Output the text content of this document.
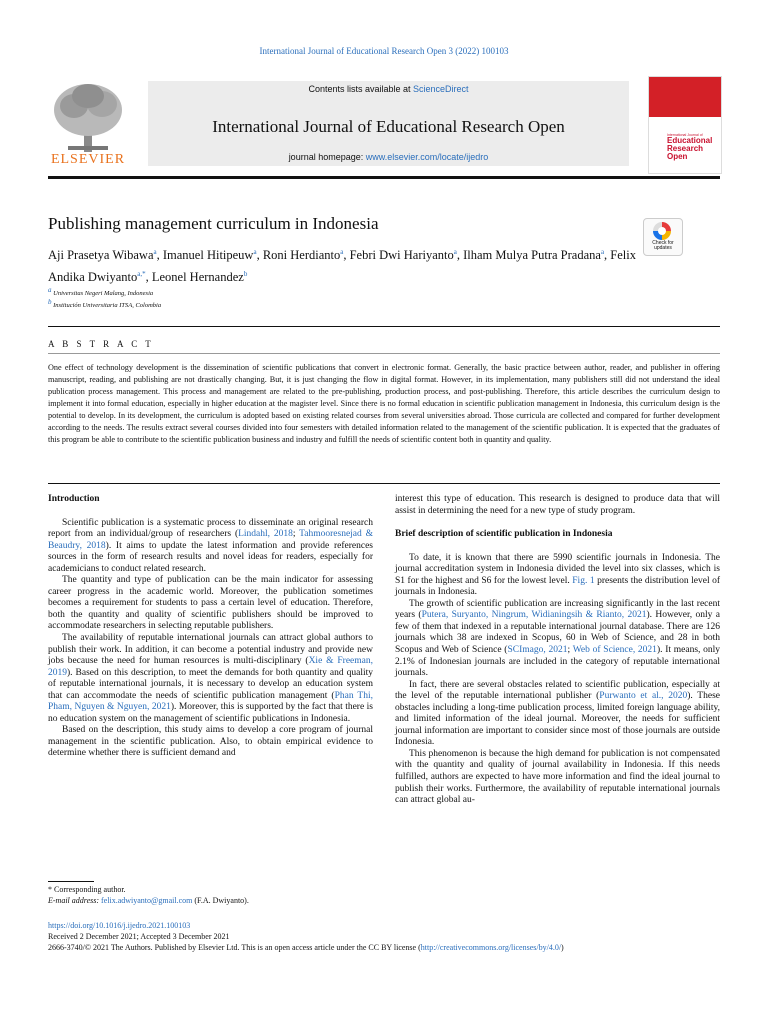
International Journal of Educational Research Open 3 (2022) 100103
ELSEVIER
Contents lists available at ScienceDirect
International Journal of Educational Research Open
journal homepage: www.elsevier.com/locate/ijedro
International Journal of
Educational
Research
Open
Publishing management curriculum in Indonesia
Check for updates
Aji Prasetya Wibawa$^a$, Imanuel Hitipeuw$^a$, Roni Herdianto$^a$, Febri Dwi Hariyanto$^a$, Ilham Mulya Putra Pradana$^a$, Felix Andika Dwiyanto$^{a,*}$, Leonel Hernandez$^b$
$^a$ Universitas Negeri Malang, Indonesia
$^b$ Institución Universitaria ITSA, Colombia
A B S T R A C T
One effect of technology development is the dissemination of scientific publications that convert in electronic format. Generally, the basic practice between author, reader, and publisher in offering manuscript, reading, and publishing are not drastically changing. But, it is just changing the flow in digital format. However, in its implementation, many publishers still did not understand the ideal publication process management. This process and management are related to the pre-publishing, production process, and post-publishing. Therefore, this article describes the curriculum design to implement it into formal education, especially in higher education at the magister level. Since there is no formal education in scientific publication management in Indonesia, this curriculum design is the potential to develop. In its development, the curriculum is adopted based on existing related courses from several universities abroad. Those curricula are collected and compared for further development according to the needs. The results extract several courses divided into four semesters with detailed information related to the management of the scientific publication. It is expected that the graduates of this program be able to contribute to the scientific publication business and industry and fulfill the needs of scientific content both in quantity and quality.
Introduction

Scientific publication is a systematic process to disseminate an original research report from an individual/group of researchers (Lindahl, 2018; Tahmooresnejad & Beaudry, 2018). It aims to update the latest information and provide references sources in the form of research results and novel ideas for readers, especially for academicians to conduct related research.

The quantity and type of publication can be the main indicator for assessing career progress in the academic world. Moreover, the publication sometimes becomes a requirement for students to pass a certain level of education. Therefore, both the quantity and quality of scientific publishers should be improved to accommodate researchers in selecting reputable publishers.

The availability of reputable international journals can attract global authors to publish their work. In addition, it can become a potential industry and provide new jobs because the need for human resources is multi-disciplinary (Xie & Freeman, 2019). Based on this description, to meet the demands for both quantity and quality of reputable international journals, it is necessary to develop an education system that can accommodate the needs of scientific publication management (Phan Thi, Pham, Nguyen & Nguyen, 2021). Moreover, this is supported by the fact that there is no education system on the management of scientific publications in Indonesia.

Based on the description, this study aims to develop a core program of journal management in the scientific publication. Also, to obtain empirical evidence to determine whether there is sufficient demand and

interest this type of education. This research is designed to produce data that will assist in determining the need for a new type of study program.

Brief description of scientific publication in Indonesia

To date, it is known that there are 5990 scientific journals in Indonesia. The journal accreditation system in Indonesia divided the level into six classes, which is S1 for the highest and S6 for the lowest level. Fig. 1 presents the distribution level of journals in Indonesia.

The growth of scientific publication are increasing significantly in the last recent years (Putera, Suryanto, Ningrum, Widianingsih & Rianto, 2021). However, only a few of them that indexed in a reputable international journal database. There are 126 journals which 38 are indexed in Scopus, 60 in Web of Science, and 28 in both Scopus and Web of Science (SCImago, 2021; Web of Science, 2021). It means, only 2.1% of Indonesian journals are included in the category of reputable international journals.

In fact, there are several obstacles related to scientific publication, especially at the level of the reputable international publisher (Purwanto et al., 2020). These obstacles including a long-time publication process, limited foreign language ability, and limited information of the ideal journal. Moreover, the needs for sufficient journal information are important to consider since most of those journals are outside Indonesia.

This phenomenon is because the high demand for publication is not compensated with the quantity and quality of journal availability in Indonesia. If this needs fulfilled, authors are expected to have more information and find the ideal journal to publish their works. Furthermore, the availability of reputable international journals can attract global au-

* Corresponding author.
E-mail address: felix.adwiyanto@gmail.com (F.A. Dwiyanto).
https://doi.org/10.1016/j.ijedro.2021.100103
Received 2 December 2021; Accepted 3 December 2021
2666-3740/© 2021 The Authors. Published by Elsevier Ltd. This is an open access article under the CC BY license (http://creativecommons.org/licenses/by/4.0/)
